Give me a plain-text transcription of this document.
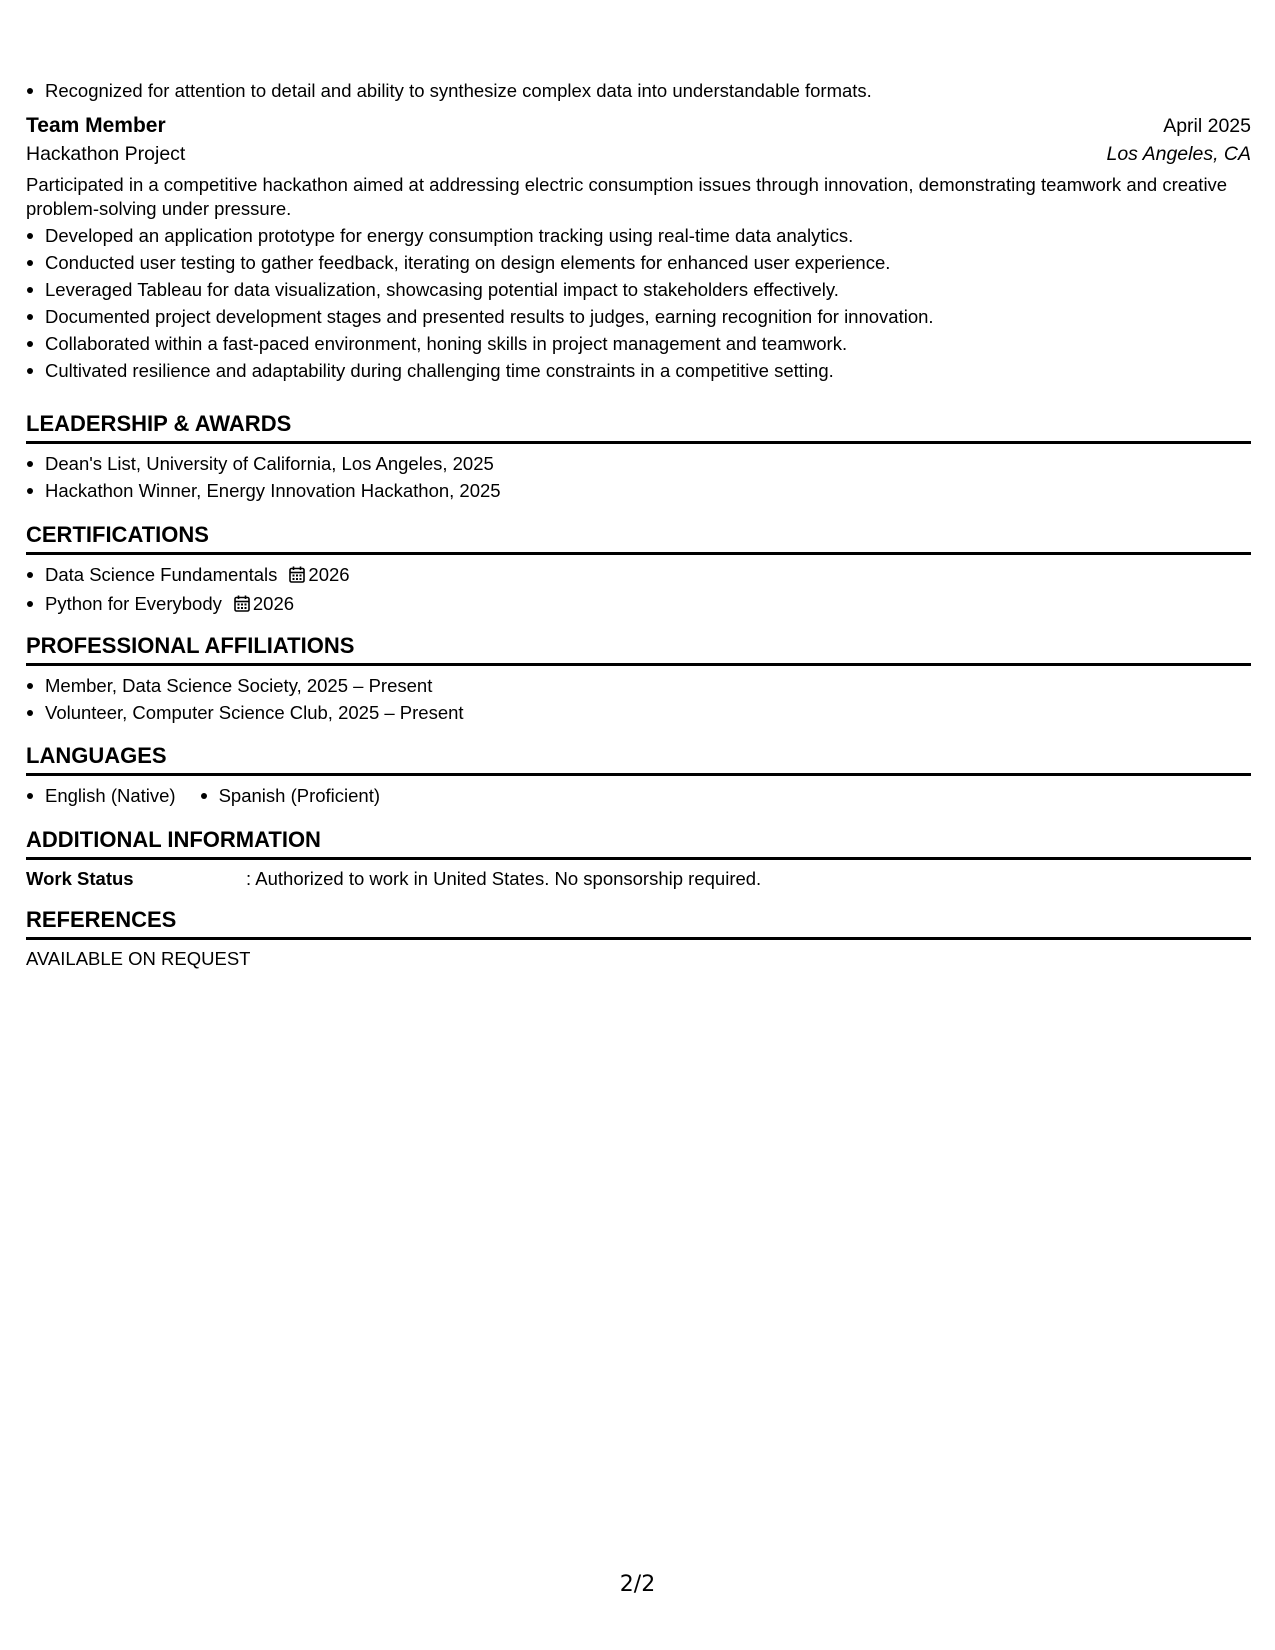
Recognized for attention to detail and ability to synthesize complex data into understandable formats.
Team Member	April 2025
Hackathon Project	Los Angeles, CA

Participated in a competitive hackathon aimed at addressing electric consumption issues through innovation, demonstrating teamwork and creative problem-solving under pressure.

Developed an application prototype for energy consumption tracking using real-time data analytics.
Conducted user testing to gather feedback, iterating on design elements for enhanced user experience.
Leveraged Tableau for data visualization, showcasing potential impact to stakeholders effectively.
Documented project development stages and presented results to judges, earning recognition for innovation.
Collaborated within a fast-paced environment, honing skills in project management and teamwork.
Cultivated resilience and adaptability during challenging time constraints in a competitive setting.
LEADERSHIP & AWARDS
Dean's List, University of California, Los Angeles, 2025
Hackathon Winner, Energy Innovation Hackathon, 2025
CERTIFICATIONS
Data Science Fundamentals 2026
Python for Everybody 2026
PROFESSIONAL AFFILIATIONS
Member, Data Science Society, 2025 – Present
Volunteer, Computer Science Club, 2025 – Present
LANGUAGES
English (Native)	Spanish (Proficient)
ADDITIONAL INFORMATION
Work Status	: Authorized to work in United States. No sponsorship required.
REFERENCES
AVAILABLE ON REQUEST
2/2
